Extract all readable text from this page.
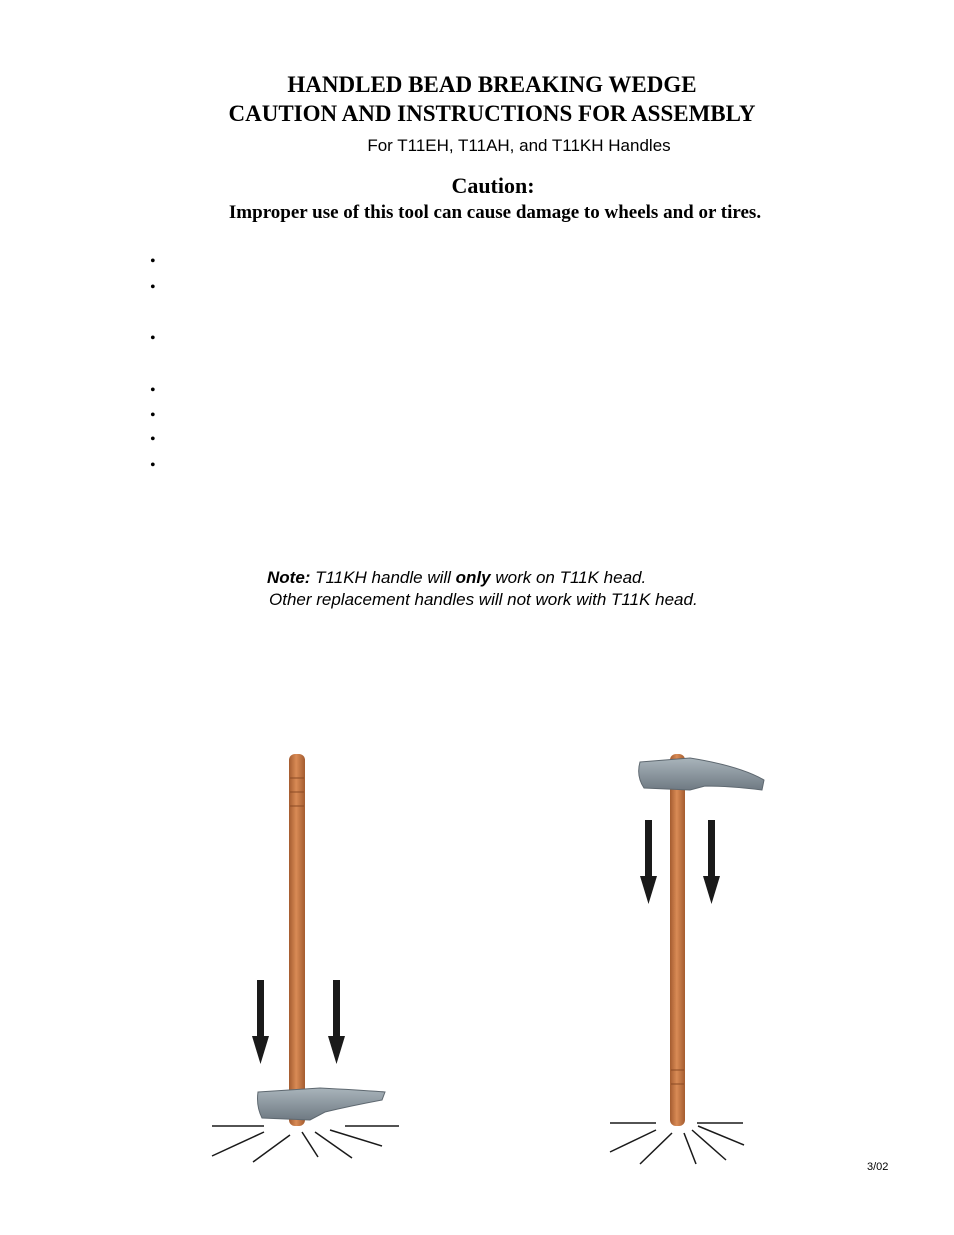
HANDLED BEAD BREAKING WEDGE
CAUTION AND INSTRUCTIONS FOR ASSEMBLY
For T11EH, T11AH, and T11KH Handles
Caution:
Improper use of this tool can cause damage to wheels and or tires.
•
•
•
•
•
•
•
Note: T11KH handle will only work on T11K head.
Other replacement handles will not work with T11K head.
3/02
